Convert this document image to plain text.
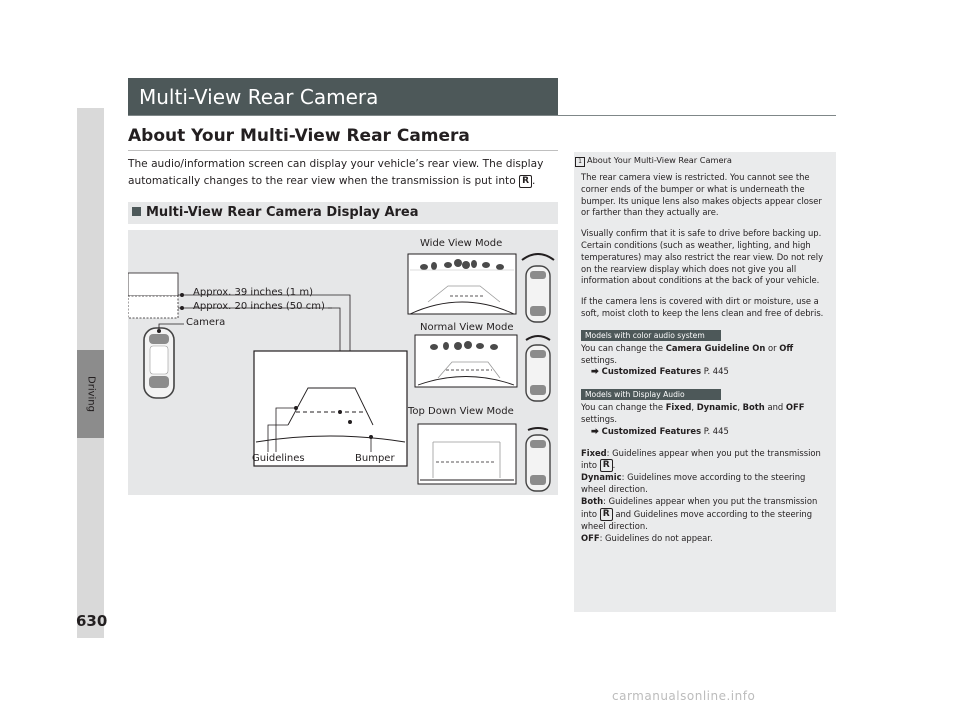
Driving
630
Multi-View Rear Camera
About Your Multi-View Rear Camera
The audio/information screen can display your vehicle’s rear view. The display automatically changes to the rear view when the transmission is put into R .
Multi-View Rear Camera Display Area
Approx. 39 inches (1 m)
Approx. 20 inches (50 cm)
Camera
Guidelines	Bumper
Wide View Mode
Normal View Mode
Top Down View Mode
1 About Your Multi-View Rear Camera

The rear camera view is restricted. You cannot see the corner ends of the bumper or what is underneath the bumper. Its unique lens also makes objects appear closer or farther than they actually are.

Visually confirm that it is safe to drive before backing up. Certain conditions (such as weather, lighting, and high temperatures) may also restrict the rear view. Do not rely on the rearview display which does not give you all information about conditions at the back of your vehicle.

If the camera lens is covered with dirt or moisture, use a soft, moist cloth to keep the lens clean and free of debris.

Models with color audio system
You can change the Camera Guideline On or Off settings.
⮕ Customized Features P. 445
Models with Display Audio
You can change the Fixed, Dynamic, Both and OFF settings.
⮕ Customized Features P. 445
Fixed: Guidelines appear when you put the transmission into R .
Dynamic: Guidelines move according to the steering wheel direction.
Both: Guidelines appear when you put the transmission into R and Guidelines move according to the steering wheel direction.
OFF: Guidelines do not appear.
carmanualsonline.info
